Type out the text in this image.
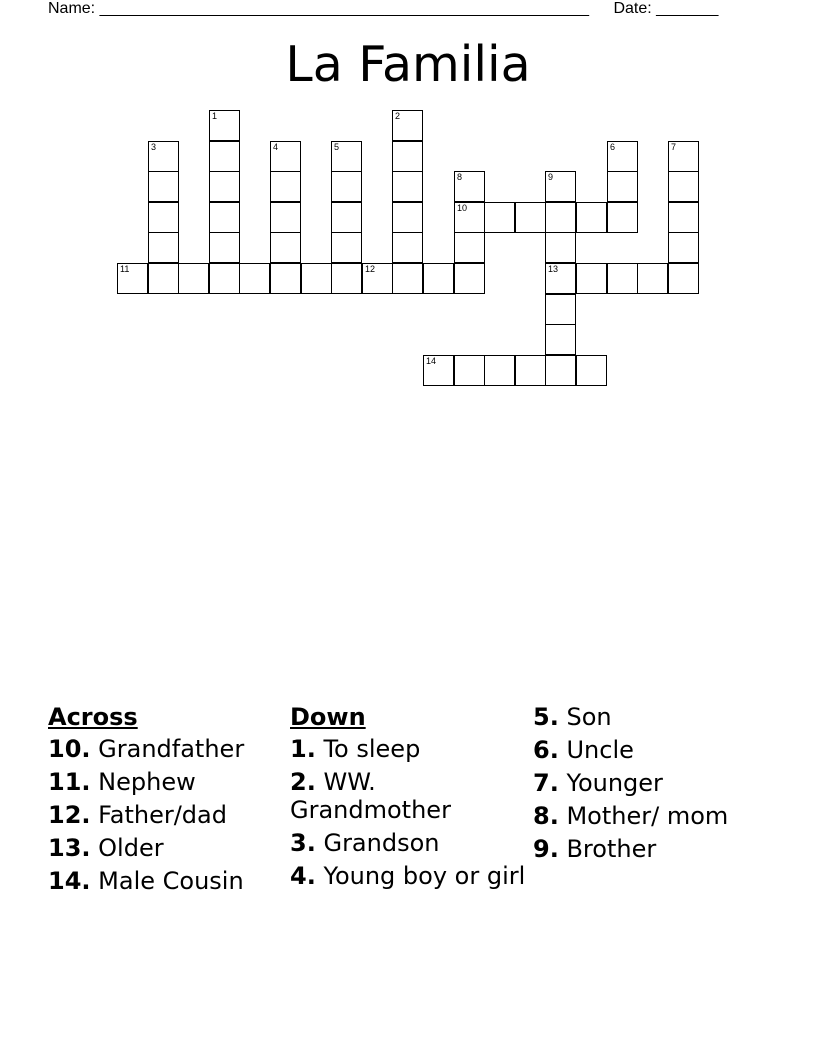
Name: _______________________________________________________ Date: _______
La Familia
1	2
3	4	5	6	7
8
10
9
13
11	12
14
Across
10. Grandfather
11. Nephew
12. Father/dad
13. Older
14. Male Cousin
Down
1. To sleep
2. WW. Grandmother
3. Grandson
4. Young boy or girl
5. Son
6. Uncle
7. Younger
8. Mother/ mom
9. Brother
